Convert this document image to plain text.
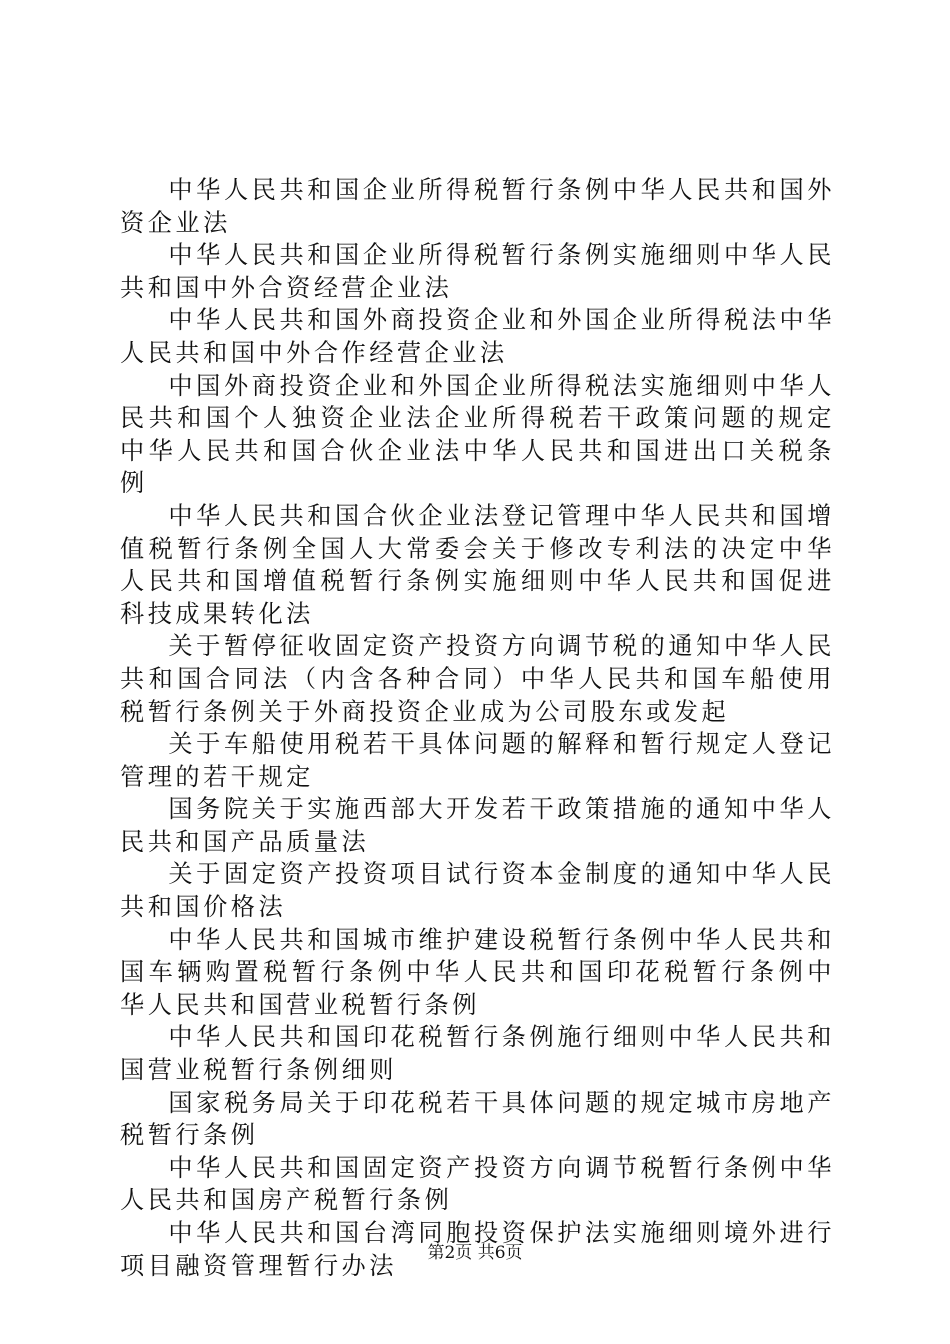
中华人民共和国企业所得税暂行条例中华人民共和国外资企业法

中华人民共和国企业所得税暂行条例实施细则中华人民共和国中外合资经营企业法

中华人民共和国外商投资企业和外国企业所得税法中华人民共和国中外合作经营企业法

中国外商投资企业和外国企业所得税法实施细则中华人民共和国个人独资企业法企业所得税若干政策问题的规定中华人民共和国合伙企业法中华人民共和国进出口关税条例

中华人民共和国合伙企业法登记管理中华人民共和国增值税暂行条例全国人大常委会关于修改专利法的决定中华人民共和国增值税暂行条例实施细则中华人民共和国促进科技成果转化法

关于暂停征收固定资产投资方向调节税的通知中华人民共和国合同法（内含各种合同）中华人民共和国车船使用税暂行条例关于外商投资企业成为公司股东或发起

关于车船使用税若干具体问题的解释和暂行规定人登记管理的若干规定

国务院关于实施西部大开发若干政策措施的通知中华人民共和国产品质量法

关于固定资产投资项目试行资本金制度的通知中华人民共和国价格法

中华人民共和国城市维护建设税暂行条例中华人民共和国车辆购置税暂行条例中华人民共和国印花税暂行条例中华人民共和国营业税暂行条例

中华人民共和国印花税暂行条例施行细则中华人民共和国营业税暂行条例细则

国家税务局关于印花税若干具体问题的规定城市房地产税暂行条例

中华人民共和国固定资产投资方向调节税暂行条例中华人民共和国房产税暂行条例

中华人民共和国台湾同胞投资保护法实施细则境外进行项目融资管理暂行办法	第2页 共6页
